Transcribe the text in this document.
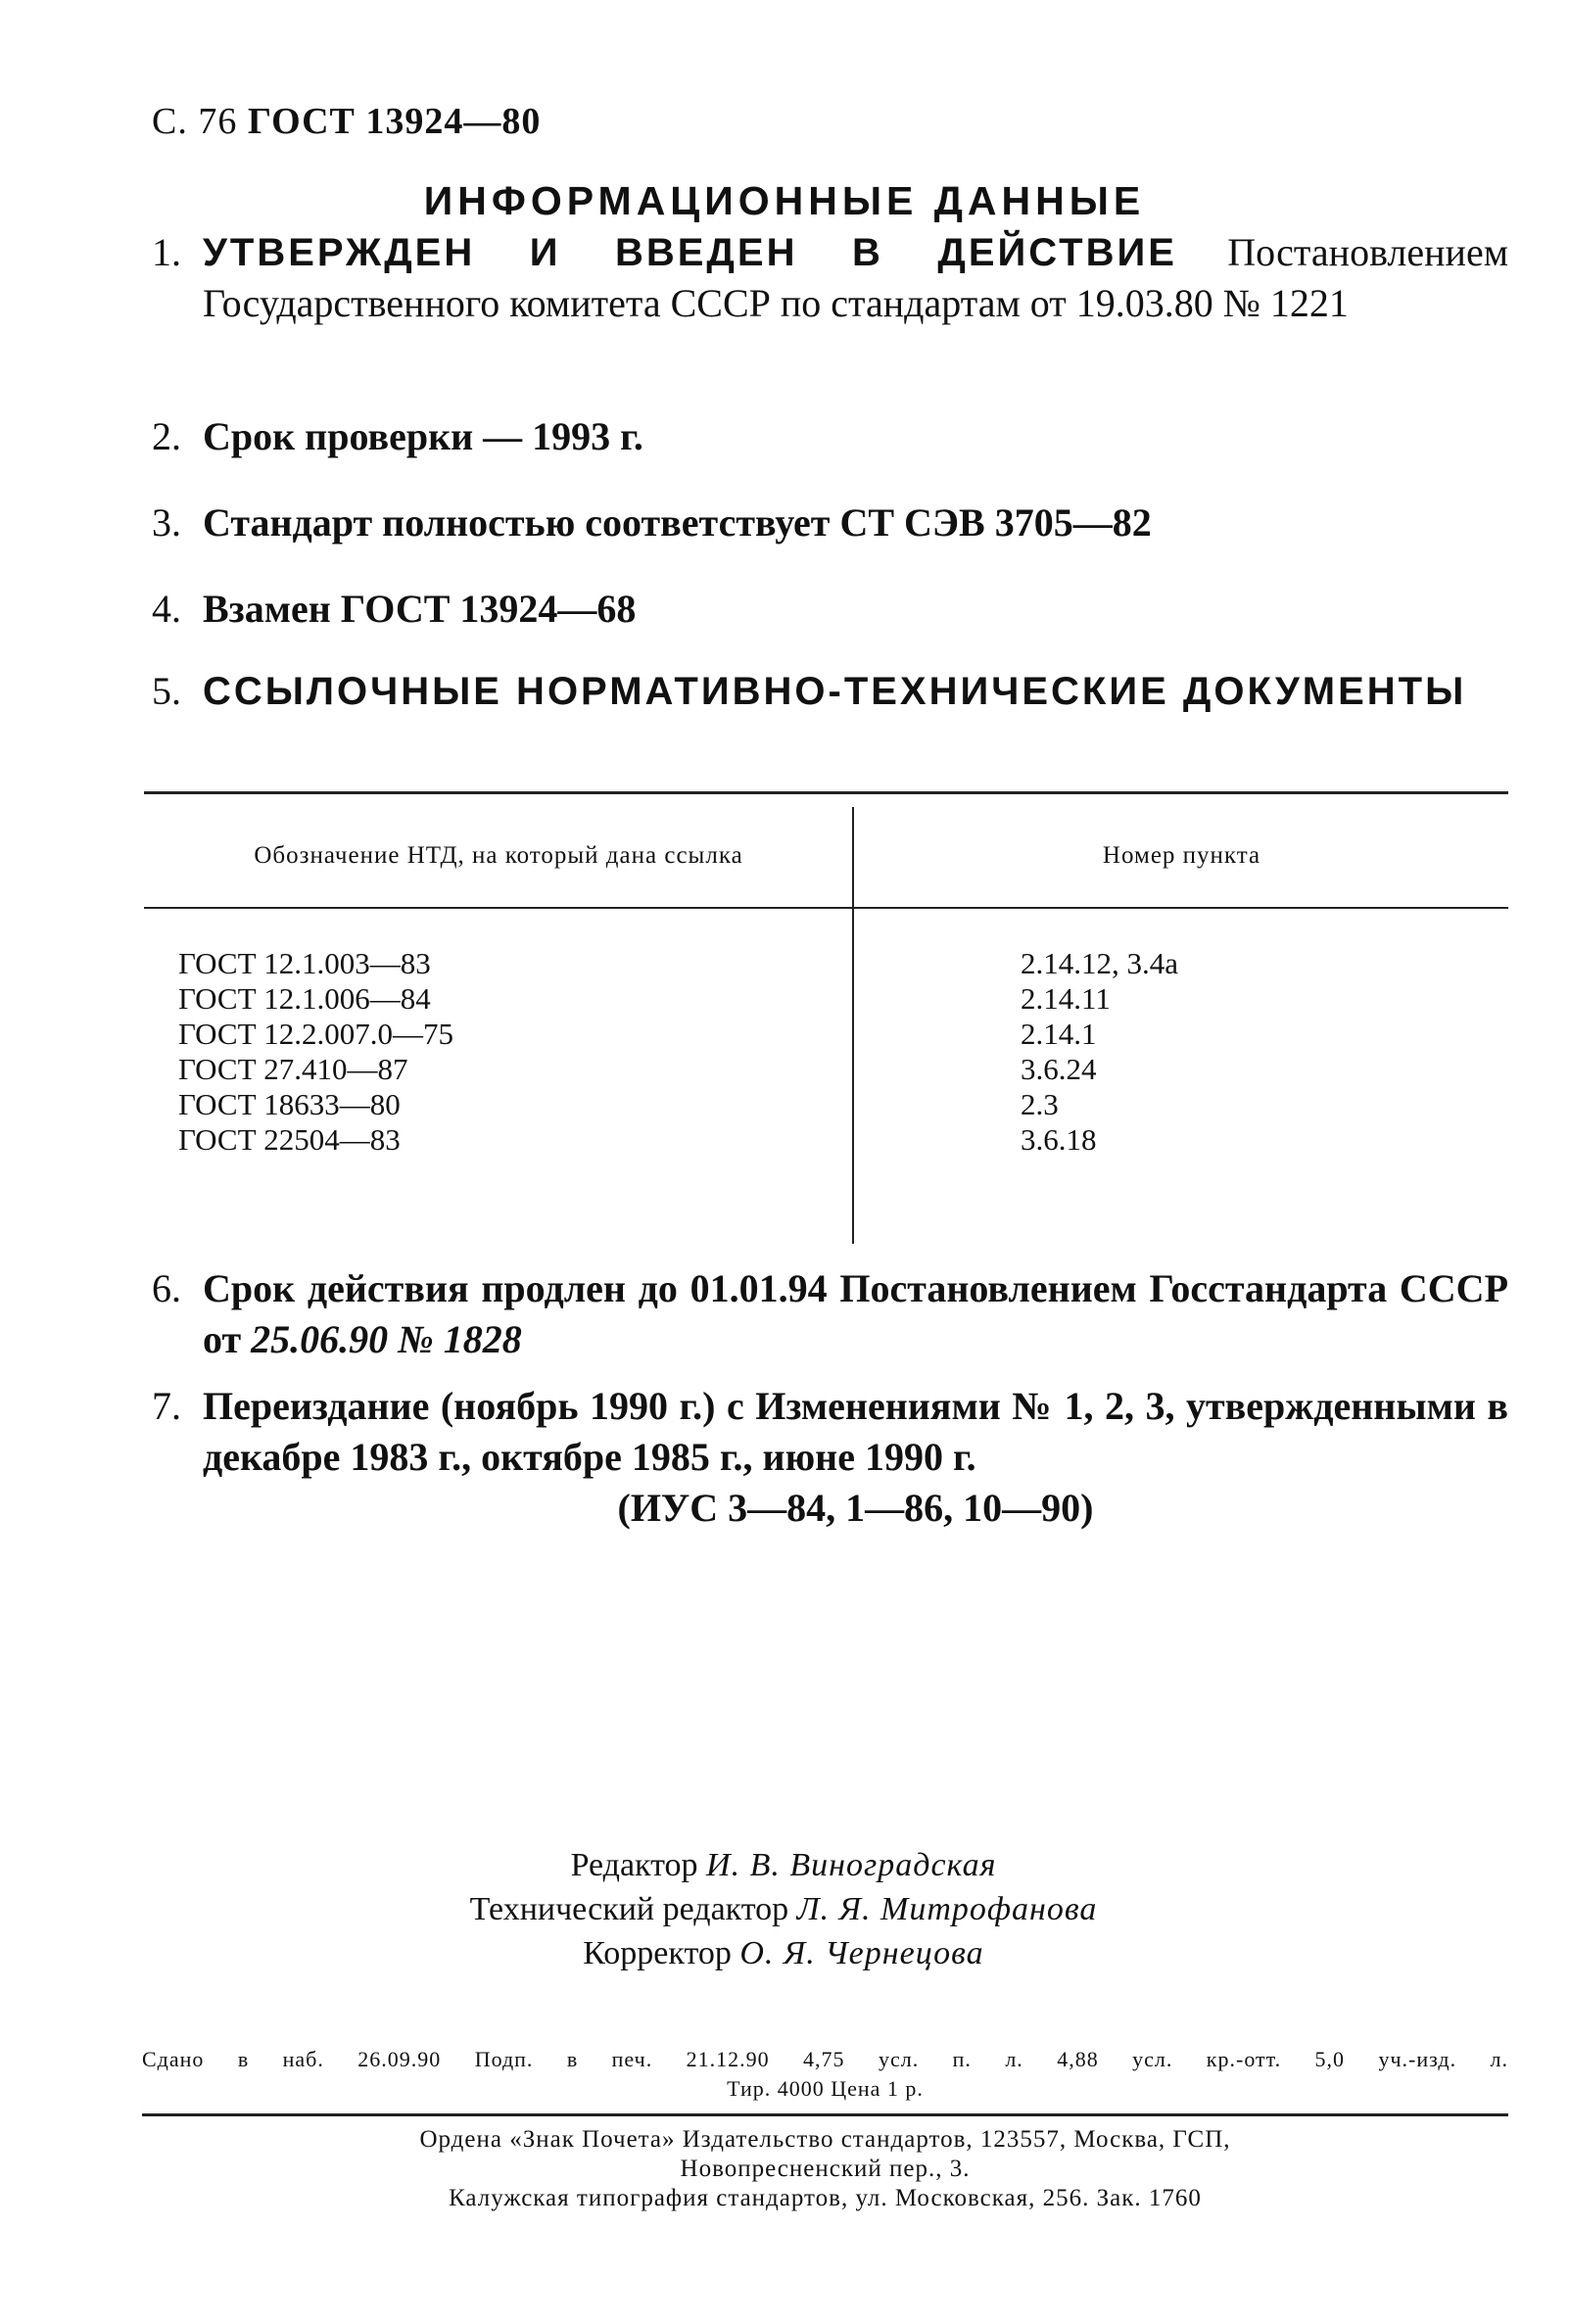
С. 76 ГОСТ 13924—80
ИНФОРМАЦИОННЫЕ ДАННЫЕ
1. УТВЕРЖДЕН И ВВЕДЕН В ДЕЙСТВИЕ Постановлением Государственного комитета СССР по стандартам от 19.03.80 № 1221
2. Срок проверки — 1993 г.
3. Стандарт полностью соответствует СТ СЭВ 3705—82
4. Взамен ГОСТ 13924—68
5. ССЫЛОЧНЫЕ НОРМАТИВНО-ТЕХНИЧЕСКИЕ ДОКУМЕНТЫ
Обозначение НТД, на который дана ссылка	Номер пункта
ГОСТ 12.1.003—83
ГОСТ 12.1.006—84
ГОСТ 12.2.007.0—75
ГОСТ 27.410—87
ГОСТ 18633—80
ГОСТ 22504—83
2.14.12, 3.4а
2.14.11
2.14.1
3.6.24
2.3
3.6.18
6. Срок действия продлен до 01.01.94 Постановлением Госстандарта СССР от 25.06.90 № 1828
7. Переиздание (ноябрь 1990 г.) с Изменениями № 1, 2, 3, утвержденными в декабре 1983 г., октябре 1985 г., июне 1990 г.
(ИУС 3—84, 1—86, 10—90)
Редактор И. В. Виноградская
Технический редактор Л. Я. Митрофанова
Корректор О. Я. Чернецова
Сдано в наб. 26.09.90 Подп. в печ. 21.12.90 4,75 усл. п. л. 4,88 усл. кр.-отт. 5,0 уч.-изд. л.
Тир. 4000 Цена 1 р.
Ордена «Знак Почета» Издательство стандартов, 123557, Москва, ГСП,
Новопресненский пер., 3.
Калужская типография стандартов, ул. Московская, 256. Зак. 1760
